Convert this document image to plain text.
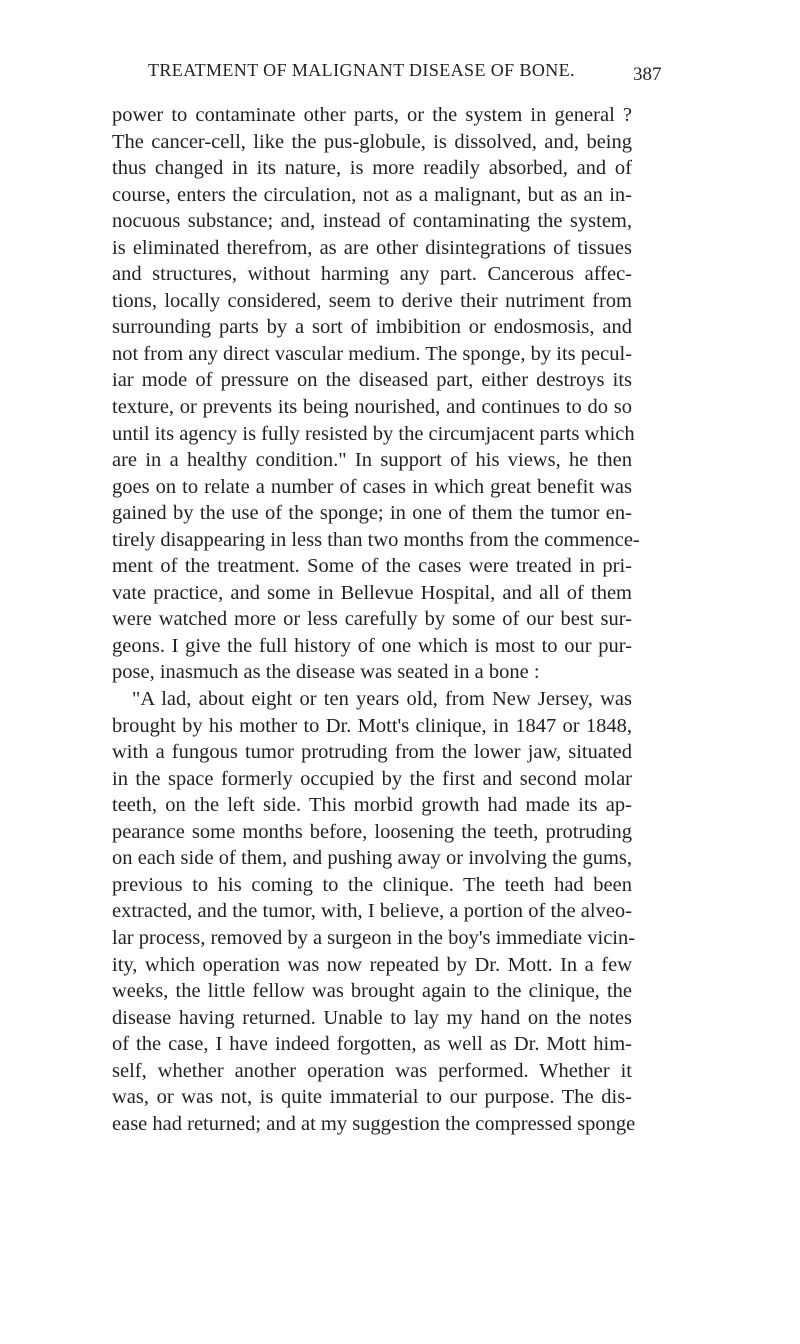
TREATMENT OF MALIGNANT DISEASE OF BONE.	387
power to contaminate other parts, or the system in general ?
The cancer-cell, like the pus-globule, is dissolved, and, being
thus changed in its nature, is more readily absorbed, and of
course, enters the circulation, not as a malignant, but as an in-
nocuous substance; and, instead of contaminating the system,
is eliminated therefrom, as are other disintegrations of tissues
and structures, without harming any part. Cancerous affec-
tions, locally considered, seem to derive their nutriment from
surrounding parts by a sort of imbibition or endosmosis, and
not from any direct vascular medium. The sponge, by its pecul-
iar mode of pressure on the diseased part, either destroys its
texture, or prevents its being nourished, and continues to do so
until its agency is fully resisted by the circumjacent parts which
are in a healthy condition." In support of his views, he then
goes on to relate a number of cases in which great benefit was
gained by the use of the sponge; in one of them the tumor en-
tirely disappearing in less than two months from the commence-
ment of the treatment. Some of the cases were treated in pri-
vate practice, and some in Bellevue Hospital, and all of them
were watched more or less carefully by some of our best sur-
geons. I give the full history of one which is most to our pur-
pose, inasmuch as the disease was seated in a bone :
"A lad, about eight or ten years old, from New Jersey, was
brought by his mother to Dr. Mott's clinique, in 1847 or 1848,
with a fungous tumor protruding from the lower jaw, situated
in the space formerly occupied by the first and second molar
teeth, on the left side. This morbid growth had made its ap-
pearance some months before, loosening the teeth, protruding
on each side of them, and pushing away or involving the gums,
previous to his coming to the clinique. The teeth had been
extracted, and the tumor, with, I believe, a portion of the alveo-
lar process, removed by a surgeon in the boy's immediate vicin-
ity, which operation was now repeated by Dr. Mott. In a few
weeks, the little fellow was brought again to the clinique, the
disease having returned. Unable to lay my hand on the notes
of the case, I have indeed forgotten, as well as Dr. Mott him-
self, whether another operation was performed. Whether it
was, or was not, is quite immaterial to our purpose. The dis-
ease had returned; and at my suggestion the compressed sponge
